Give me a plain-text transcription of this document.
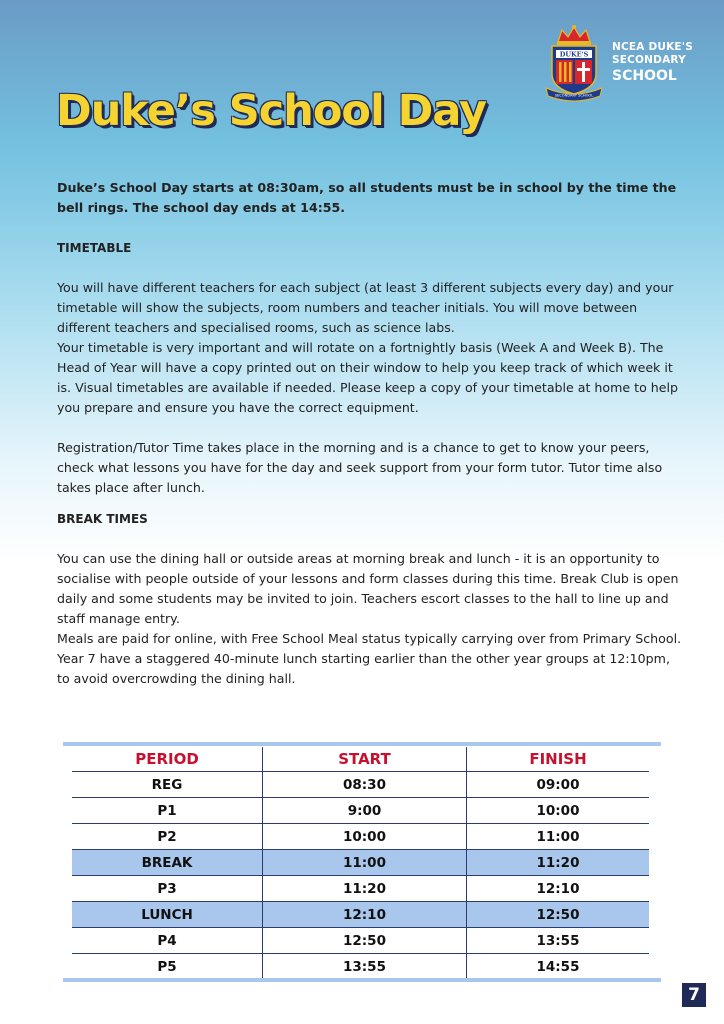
DUKE'S
SECONDARY SCHOOL
NCEA DUKE'S
SECONDARY
SCHOOL
Duke’s School Day

Duke’s School Day starts at 08:30am, so all students must be in school by the time the bell rings. The school day ends at 14:55.

TIMETABLE

You will have different teachers for each subject (at least 3 different subjects every day) and your timetable will show the subjects, room numbers and teacher initials. You will move between different teachers and specialised rooms, such as science labs.

Your timetable is very important and will rotate on a fortnightly basis (Week A and Week B). The Head of Year will have a copy printed out on their window to help you keep track of which week it is. Visual timetables are available if needed. Please keep a copy of your timetable at home to help you prepare and ensure you have the correct equipment.

Registration/Tutor Time takes place in the morning and is a chance to get to know your peers, check what lessons you have for the day and seek support from your form tutor. Tutor time also takes place after lunch.

BREAK TIMES

You can use the dining hall or outside areas at morning break and lunch - it is an opportunity to socialise with people outside of your lessons and form classes during this time. Break Club is open daily and some students may be invited to join. Teachers escort classes to the hall to line up and staff manage entry.

Meals are paid for online, with Free School Meal status typically carrying over from Primary School. Year 7 have a staggered 40-minute lunch starting earlier than the other year groups at 12:10pm, to avoid overcrowding the dining hall.

PERIOD	START	FINISH
REG	08:30	09:00
P1	9:00	10:00
P2	10:00	11:00
BREAK	11:00	11:20
P3	11:20	12:10
LUNCH	12:10	12:50
P4	12:50	13:55
P5	13:55	14:55
7
